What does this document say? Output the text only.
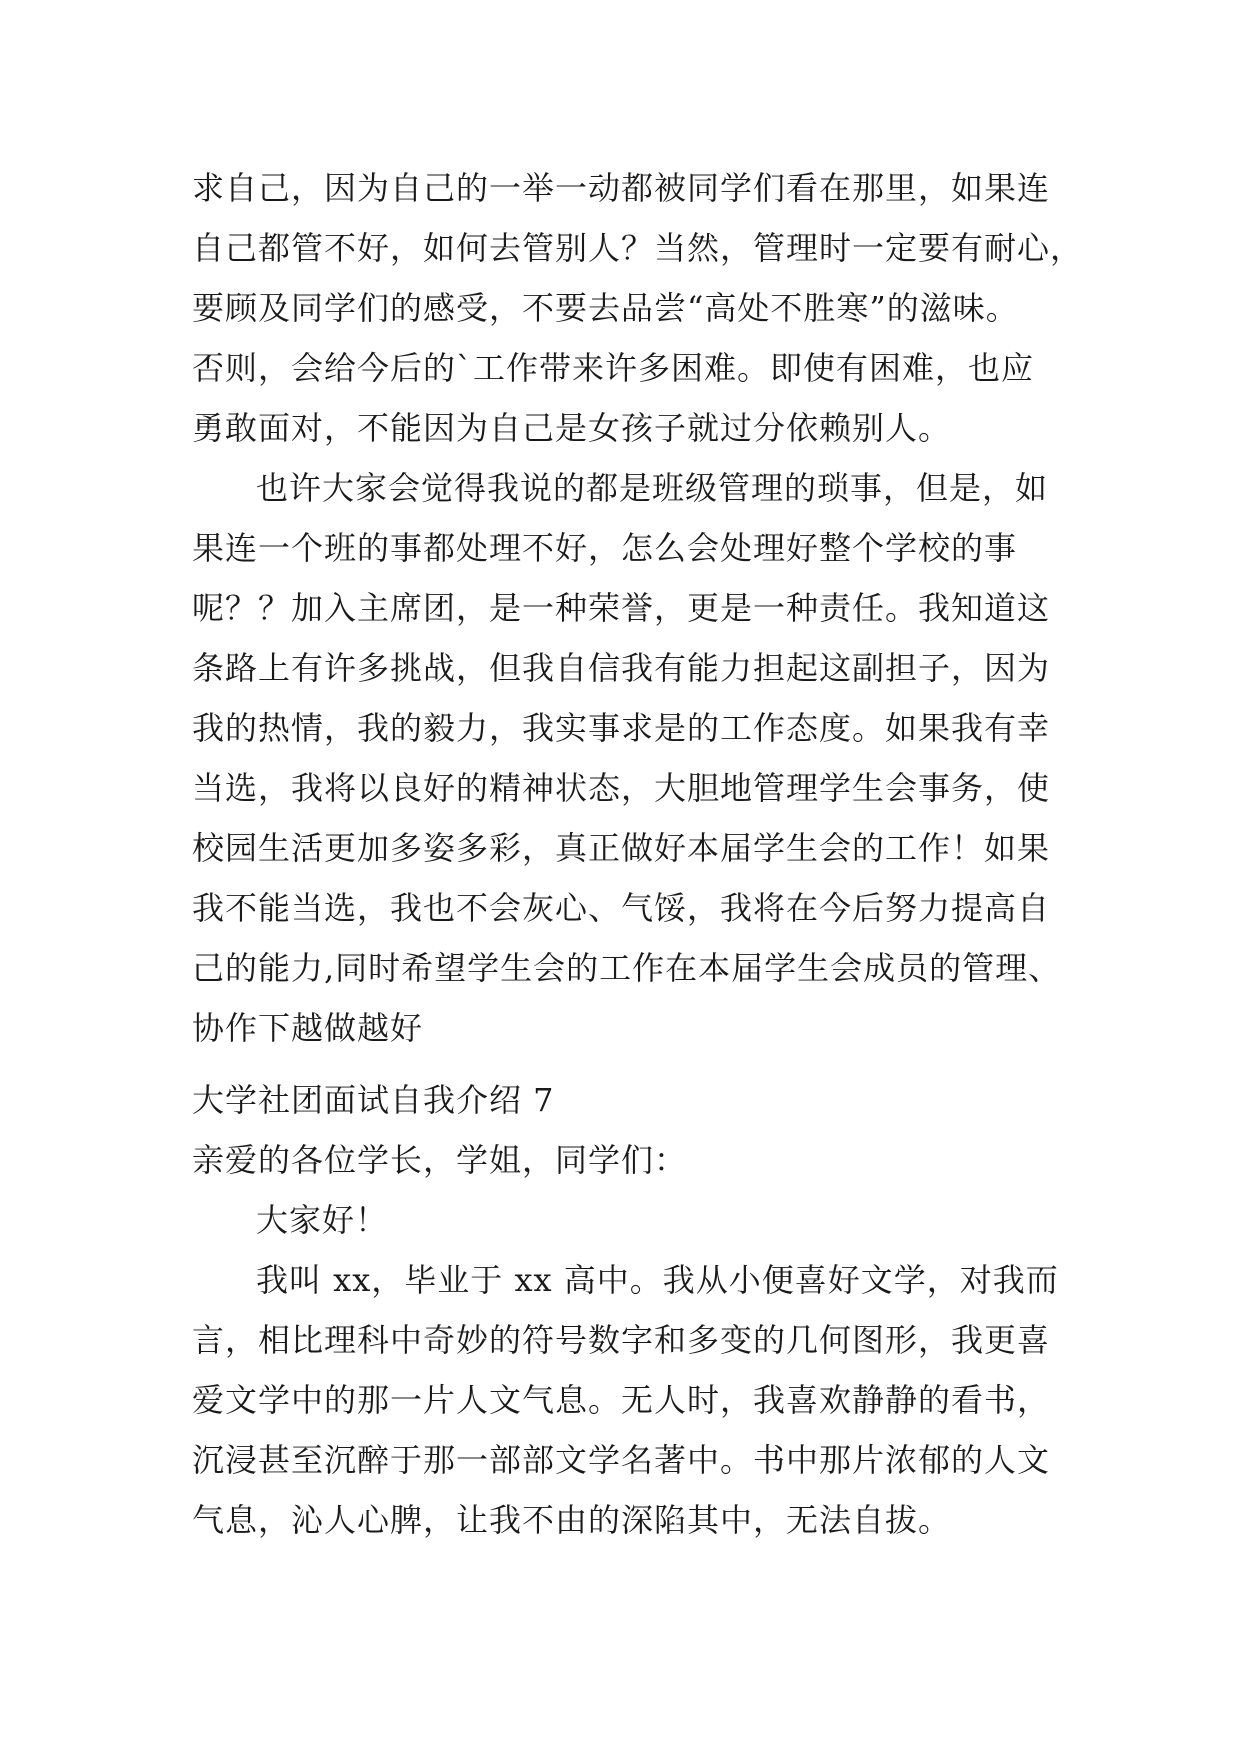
求自己，因为自己的一举一动都被同学们看在那里，如果连
自己都管不好，如何去管别人？当然，管理时一定要有耐心，
要顾及同学们的感受，不要去品尝“高处不胜寒”的滋味。
否则，会给今后的`工作带来许多困难。即使有困难，也应
勇敢面对，不能因为自己是女孩子就过分依赖别人。
也许大家会觉得我说的都是班级管理的琐事，但是，如
果连一个班的事都处理不好，怎么会处理好整个学校的事
呢？？加入主席团，是一种荣誉，更是一种责任。我知道这
条路上有许多挑战，但我自信我有能力担起这副担子，因为
我的热情，我的毅力，我实事求是的工作态度。如果我有幸
当选，我将以良好的精神状态，大胆地管理学生会事务，使
校园生活更加多姿多彩，真正做好本届学生会的工作！如果
我不能当选，我也不会灰心、气馁，我将在今后努力提高自
己的能力,同时希望学生会的工作在本届学生会成员的管理、
协作下越做越好
大学社团面试自我介绍 7
亲爱的各位学长，学姐，同学们：
大家好！
我叫 xx，毕业于 xx 高中。我从小便喜好文学，对我而
言，相比理科中奇妙的符号数字和多变的几何图形，我更喜
爱文学中的那一片人文气息。无人时，我喜欢静静的看书，
沉浸甚至沉醉于那一部部文学名著中。书中那片浓郁的人文
气息，沁人心脾，让我不由的深陷其中，无法自拔。
